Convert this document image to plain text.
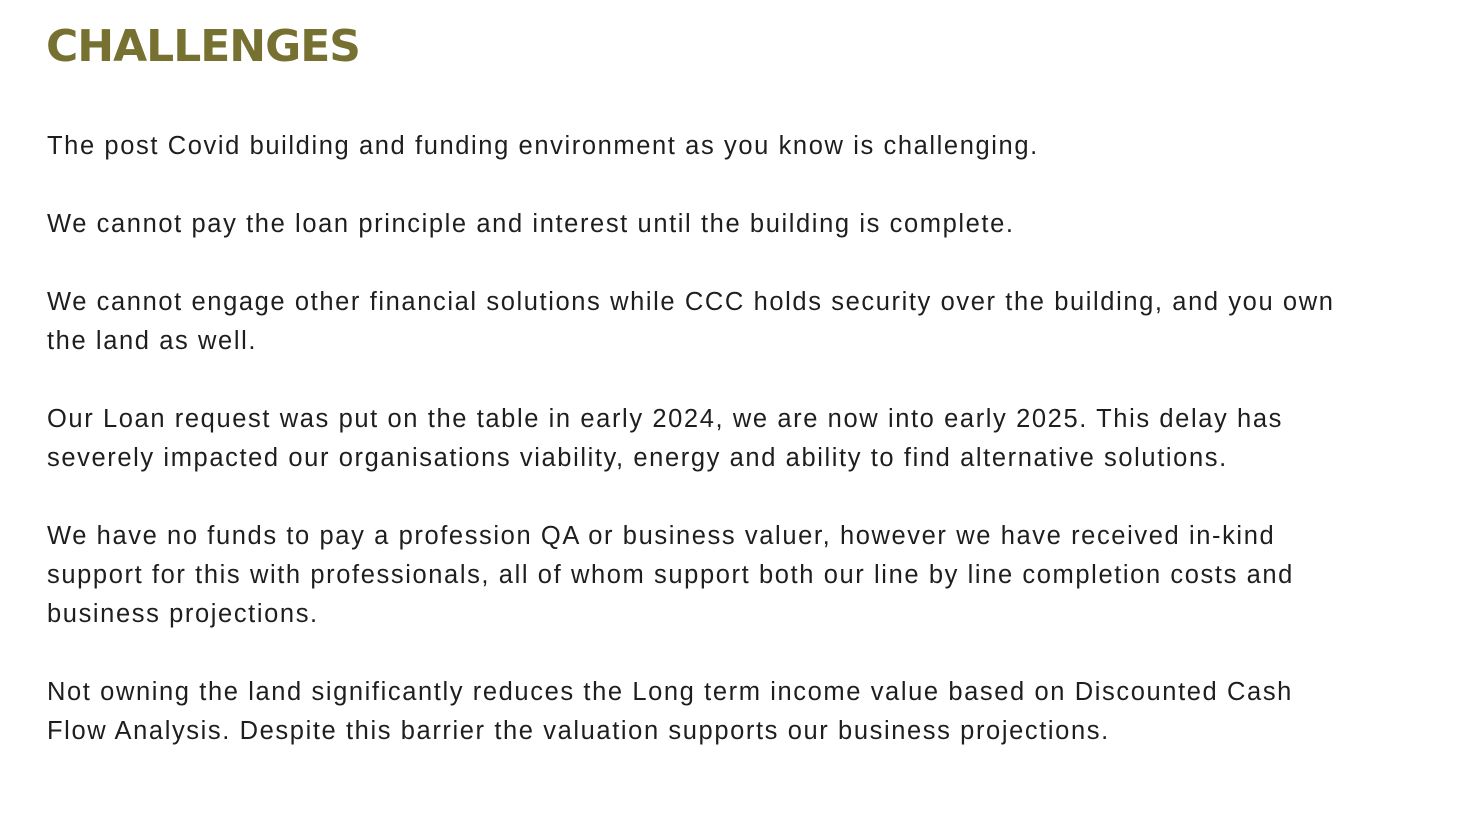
CHALLENGES

The post Covid building and funding environment as you know is challenging.

We cannot pay the loan principle and interest until the building is complete.

We cannot engage other financial solutions while CCC holds security over the building, and you own the land as well.

Our Loan request was put on the table in early 2024, we are now into early 2025. This delay has severely impacted our organisations viability, energy and ability to find alternative solutions.

We have no funds to pay a profession QA or business valuer, however we have received in-kind support for this with professionals, all of whom support both our line by line completion costs and business projections.

Not owning the land significantly reduces the Long term income value based on Discounted Cash Flow Analysis. Despite this barrier the valuation supports our business projections.
